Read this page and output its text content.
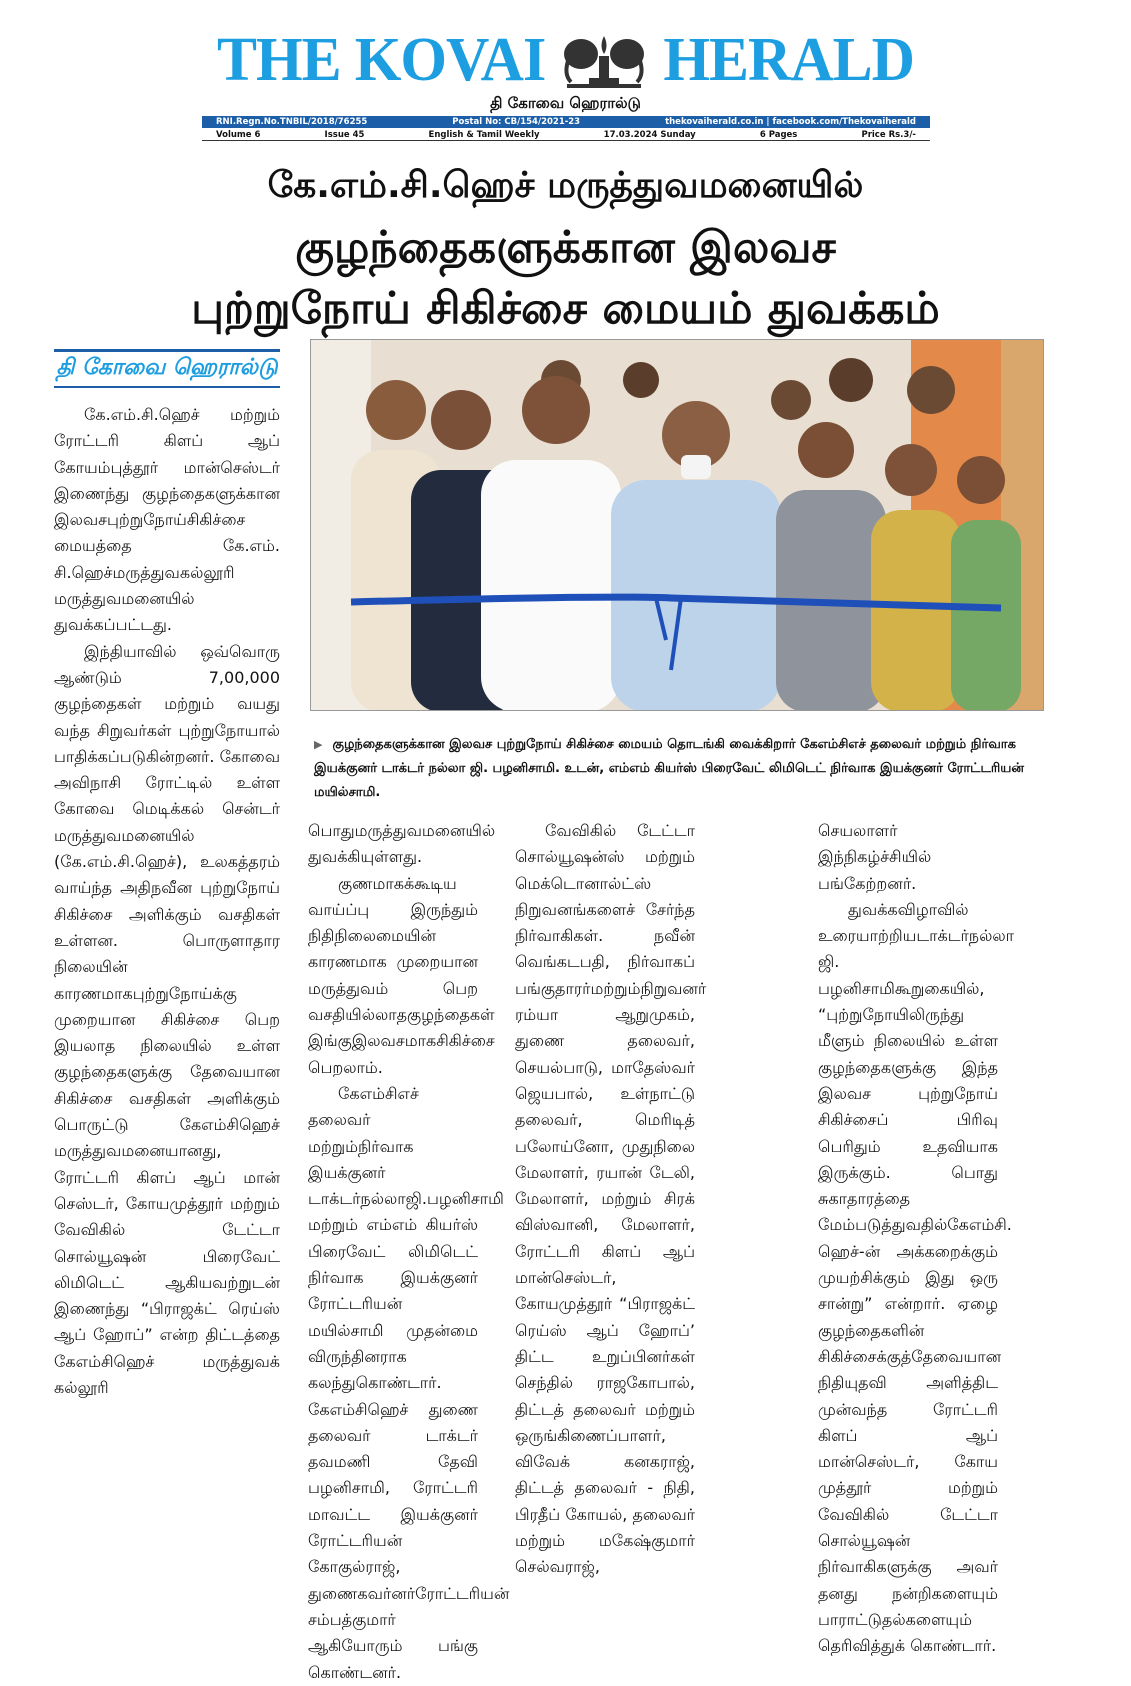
THE KOVAI HERALD
தி கோவை ஹெரால்டு
RNI.Regn.No.TNBIL/2018/76255	Postal No: CB/154/2021-23	thekovaiherald.co.in | facebook.com/Thekovaiherald
Volume 6	Issue 45	English & Tamil Weekly	17.03.2024 Sunday	6 Pages	Price Rs.3/-
கே.எம்.சி.ஹெச் மருத்துவமனையில்
குழந்தைகளுக்கான இலவச
புற்றுநோய் சிகிச்சை மையம் துவக்கம்
தி கோவை ஹெரால்டு
▶ குழந்தைகளுக்கான இலவச புற்றுநோய் சிகிச்சை மையம் தொடங்கி வைக்கிறார் கேஎம்சிஎச் தலைவர் மற்றும் நிர்வாக இயக்குனர் டாக்டர் நல்லா ஜி. பழனிசாமி. உடன், எம்எம் கியர்ஸ் பிரைவேட் லிமிடெட் நிர்வாக இயக்குனர் ரோட்டரியன் மயில்சாமி.

கே.எம்.சி.ஹெச் மற்றும் ரோட்டரி கிளப் ஆப் கோயம்புத்தூர் மான்செஸ்டர் இணைந்து குழந்தைகளுக்கான இலவசபுற்றுநோய்சிகிச்சை மையத்தை கே.எம். சி.ஹெச்மருத்துவகல்லூரி மருத்துவமனையில் துவக்கப்பட்டது.

இந்தியாவில் ஒவ்வொரு ஆண்டும் 7,00,000 குழந்தைகள் மற்றும் வயது வந்த சிறுவர்கள் புற்றுநோயால் பாதிக்கப்படுகின்றனர். கோவை அவிநாசி ரோட்டில் உள்ள கோவை மெடிக்கல் சென்டர் மருத்துவமனையில் (கே.எம்.சி.ஹெச்), உலகத்தரம் வாய்ந்த அதிநவீன புற்றுநோய் சிகிச்சை அளிக்கும் வசதிகள் உள்ளன. பொருளாதார நிலையின் காரணமாகபுற்றுநோய்க்கு முறையான சிகிச்சை பெற இயலாத நிலையில் உள்ள குழந்தைகளுக்கு தேவையான சிகிச்சை வசதிகள் அளிக்கும் பொருட்டு கேஎம்சிஹெச் மருத்துவமனையானது, ரோட்டரி கிளப் ஆப் மான் செஸ்டர், கோயமுத்தூர் மற்றும் வேவிகில் டேட்டா சொல்யூஷன் பிரைவேட் லிமிடெட் ஆகியவற்றுடன் இணைந்து “பிராஜக்ட் ரெய்ஸ் ஆப் ஹோப்” என்ற திட்டத்தை கேஎம்சிஹெச் மருத்துவக் கல்லூரி

பொதுமருத்துவமனையில் துவக்கியுள்ளது.

குணமாகக்கூடிய வாய்ப்பு இருந்தும் நிதிநிலைமையின் காரணமாக முறையான மருத்துவம் பெற வசதியில்லாதகுழந்தைகள் இங்குஇலவசமாகசிகிச்சை பெறலாம்.

கேஎம்சிஎச் தலைவர் மற்றும்நிர்வாக இயக்குனர் டாக்டர்நல்லாஜி.பழனிசாமி மற்றும் எம்எம் கியர்ஸ் பிரைவேட் லிமிடெட் நிர்வாக இயக்குனர் ரோட்டரியன் மயில்சாமி முதன்மை விருந்தினராக கலந்துகொண்டார். கேஎம்சிஹெச் துணை தலைவர் டாக்டர் தவமணி தேவி பழனிசாமி, ரோட்டரி மாவட்ட இயக்குனர் ரோட்டரியன் கோகுல்ராஜ், துணைகவர்னர்ரோட்டரியன் சம்பத்குமார் ஆகியோரும் பங்கு கொண்டனர்.

வேவிகில் டேட்டா சொல்யூஷன்ஸ் மற்றும் மெக்டொனால்ட்ஸ் நிறுவனங்களைச் சேர்ந்த நிர்வாகிகள். நவீன் வெங்கடபதி, நிர்வாகப் பங்குதாரர்மற்றும்நிறுவனர் ரம்யா ஆறுமுகம், துணை தலைவர், செயல்பாடு, மாதேஸ்வர் ஜெயபால், உள்நாட்டு தலைவர், மெரிடித் பலோய்னோ, முதுநிலை மேலாளர், ரயான் டேலி, மேலாளர், மற்றும் சிரக் விஸ்வானி, மேலாளர், ரோட்டரி கிளப் ஆப் மான்செஸ்டர், கோயமுத்தூர் “பிராஜக்ட் ரெய்ஸ் ஆப் ஹோப்’ திட்ட உறுப்பினர்கள் செந்தில் ராஜகோபால், திட்டத் தலைவர் மற்றும் ஒருங்கிணைப்பாளர், விவேக் கனகராஜ், திட்டத் தலைவர் - நிதி, பிரதீப் கோயல், தலைவர் மற்றும் மகேஷ்குமார் செல்வராஜ்,

செயலாளர் இந்நிகழ்ச்சியில் பங்கேற்றனர்.

துவக்கவிழாவில் உரையாற்றியடாக்டர்நல்லா ஜி. பழனிசாமிகூறுகையில், “புற்றுநோயிலிருந்து மீளும் நிலையில் உள்ள குழந்தைகளுக்கு இந்த இலவச புற்றுநோய் சிகிச்சைப் பிரிவு பெரிதும் உதவியாக இருக்கும். பொது சுகாதாரத்தை மேம்படுத்துவதில்கேஎம்சி. ஹெச்-ன் அக்கறைக்கும் முயற்சிக்கும் இது ஒரு சான்று” என்றார். ஏழை குழந்தைகளின் சிகிச்சைக்குத்தேவையான நிதியுதவி அளித்திட முன்வந்த ரோட்டரி கிளப் ஆப் மான்செஸ்டர், கோய முத்தூர் மற்றும் வேவிகில் டேட்டா சொல்யூஷன் நிர்வாகிகளுக்கு அவர் தனது நன்றிகளையும் பாராட்டுதல்களையும் தெரிவித்துக் கொண்டார்.
